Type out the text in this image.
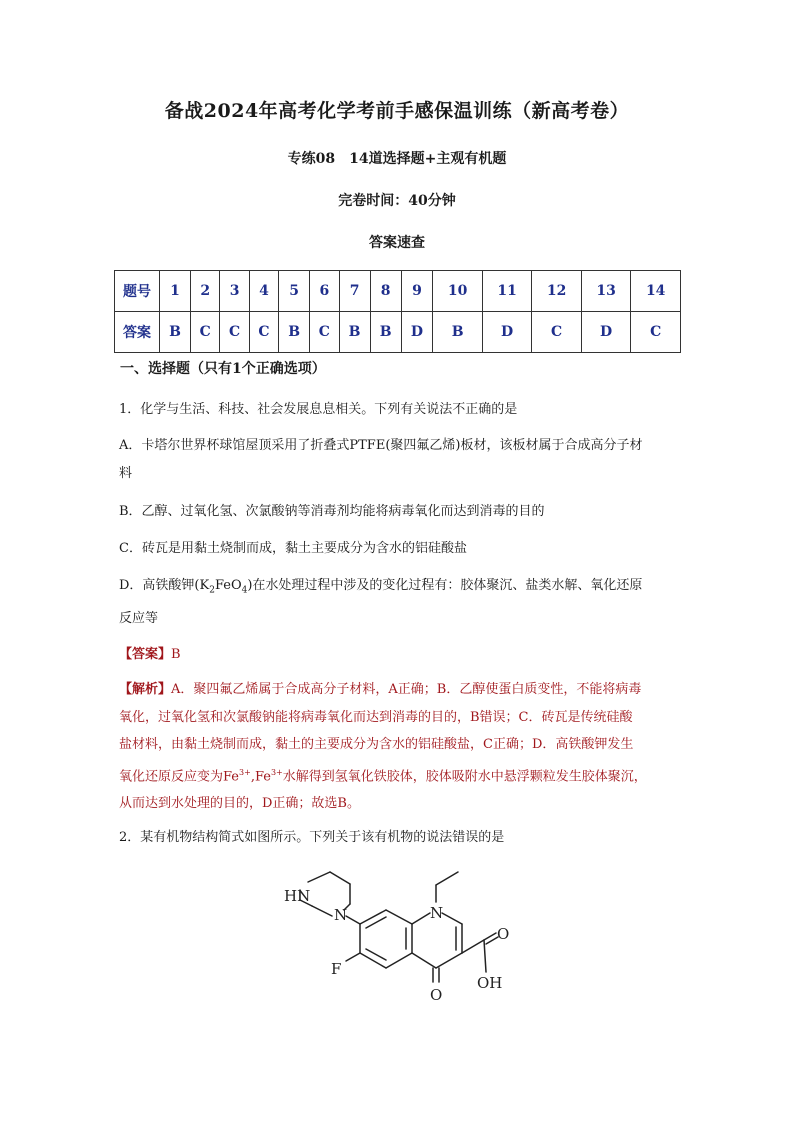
备战2024年高考化学考前手感保温训练（新高考卷）
专练08　14道选择题+主观有机题
完卷时间：40分钟
答案速查
题号	1	2	3	4	5	6	7	8	9	10	11	12	13	14
答案	B	C	C	C	B	C	B	B	D	B	D	C	D	C
一、选择题（只有1个正确选项）
1．化学与生活、科技、社会发展息息相关。下列有关说法不正确的是
A．卡塔尔世界杯球馆屋顶采用了折叠式PTFE(聚四氟乙烯)板材，该板材属于合成高分子材
料
B．乙醇、过氧化氢、次氯酸钠等消毒剂均能将病毒氧化而达到消毒的目的
C．砖瓦是用黏土烧制而成，黏土主要成分为含水的铝硅酸盐
D．高铁酸钾$(K_2FeO_4)$在水处理过程中涉及的变化过程有：胶体聚沉、盐类水解、氧化还原
反应等
【答案】B
【解析】A．聚四氟乙烯属于合成高分子材料，A正确；B．乙醇使蛋白质变性，不能将病毒
氧化，过氧化氢和次氯酸钠能将病毒氧化而达到消毒的目的，B错误；C．砖瓦是传统硅酸
盐材料，由黏土烧制而成，黏土的主要成分为含水的铝硅酸盐，C正确；D．高铁酸钾发生
氧化还原反应变为$Fe^{3+},Fe^{3+}$水解得到氢氧化铁胶体，胶体吸附水中悬浮颗粒发生胶体聚沉，
从而达到水处理的目的，D正确；故选B。
2．某有机物结构简式如图所示。下列关于该有机物的说法错误的是
HN
N	N
F
O
O
OH
